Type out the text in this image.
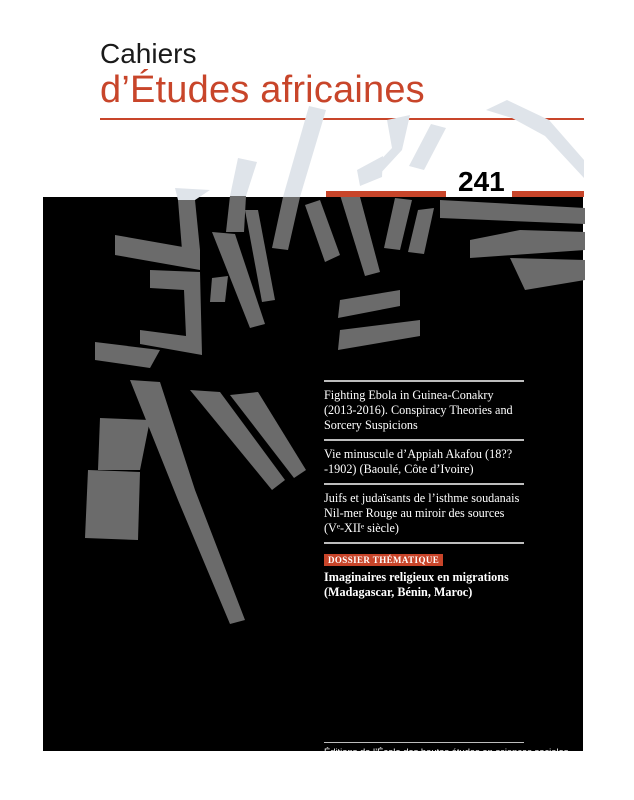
Cahiers
d’Études africaines
241
Fighting Ebola in Guinea-Conakry (2013-2016). Conspiracy Theories and Sorcery Suspicions
Vie minuscule d’Appiah Akafou (18??-1902) (Baoulé, Côte d’Ivoire)
Juifs et judaïsants de l’isthme soudanais Nil-mer Rouge au miroir des sources (Vᵉ-XIIᵉ siècle)
DOSSIER THÉMATIQUE
Imaginaires religieux en migrations (Madagascar, Bénin, Maroc)
Éditions de l’École des hautes études en sciences sociales
